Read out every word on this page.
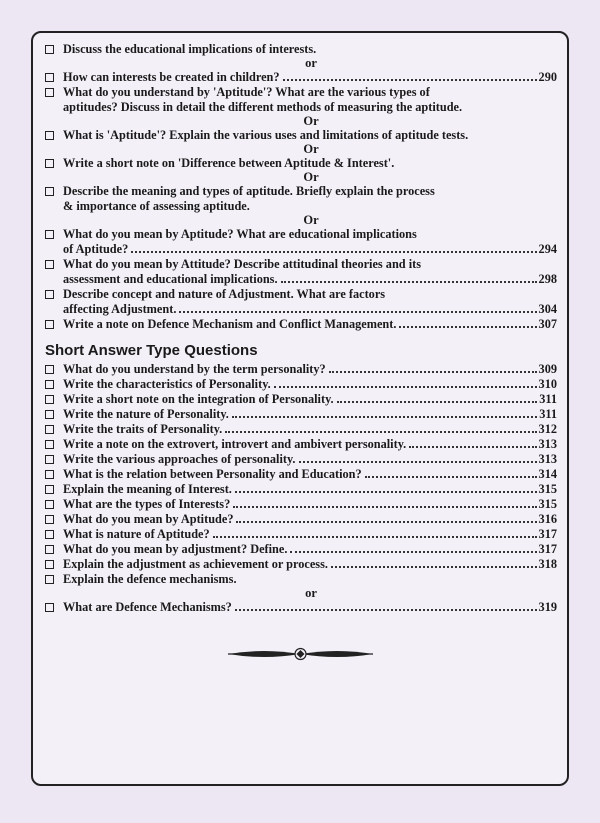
Discuss the educational implications of interests.
or
How can interests be created in children?	290
What do you understand by 'Aptitude'? What are the various types of
aptitudes? Discuss in detail the different methods of measuring the aptitude.
Or
What is 'Aptitude'? Explain the various uses and limitations of aptitude tests.
Or
Write a short note on 'Difference between Aptitude & Interest'.
Or
Describe the meaning and types of aptitude. Briefly explain the process
& importance of assessing aptitude.
Or
What do you mean by Aptitude? What are educational implications
of Aptitude?	294
What do you mean by Attitude? Describe attitudinal theories and its
assessment and educational implications.	298
Describe concept and nature of Adjustment. What are factors
affecting Adjustment.	304
Write a note on Defence Mechanism and Conflict Management.	307
Short Answer Type Questions
What do you understand by the term personality?	309
Write the characteristics of Personality.	310
Write a short note on the integration of Personality.	311
Write the nature of Personality.	311
Write the traits of Personality.	312
Write a note on the extrovert, introvert and ambivert personality.	313
Write the various approaches of personality.	313
What is the relation between Personality and Education?	314
Explain the meaning of Interest.	315
What are the types of Interests?	315
What do you mean by Aptitude?	316
What is nature of Aptitude?	317
What do you mean by adjustment? Define.	317
Explain the adjustment as achievement or process.	318
Explain the defence mechanisms.
or
What are Defence Mechanisms?	319
